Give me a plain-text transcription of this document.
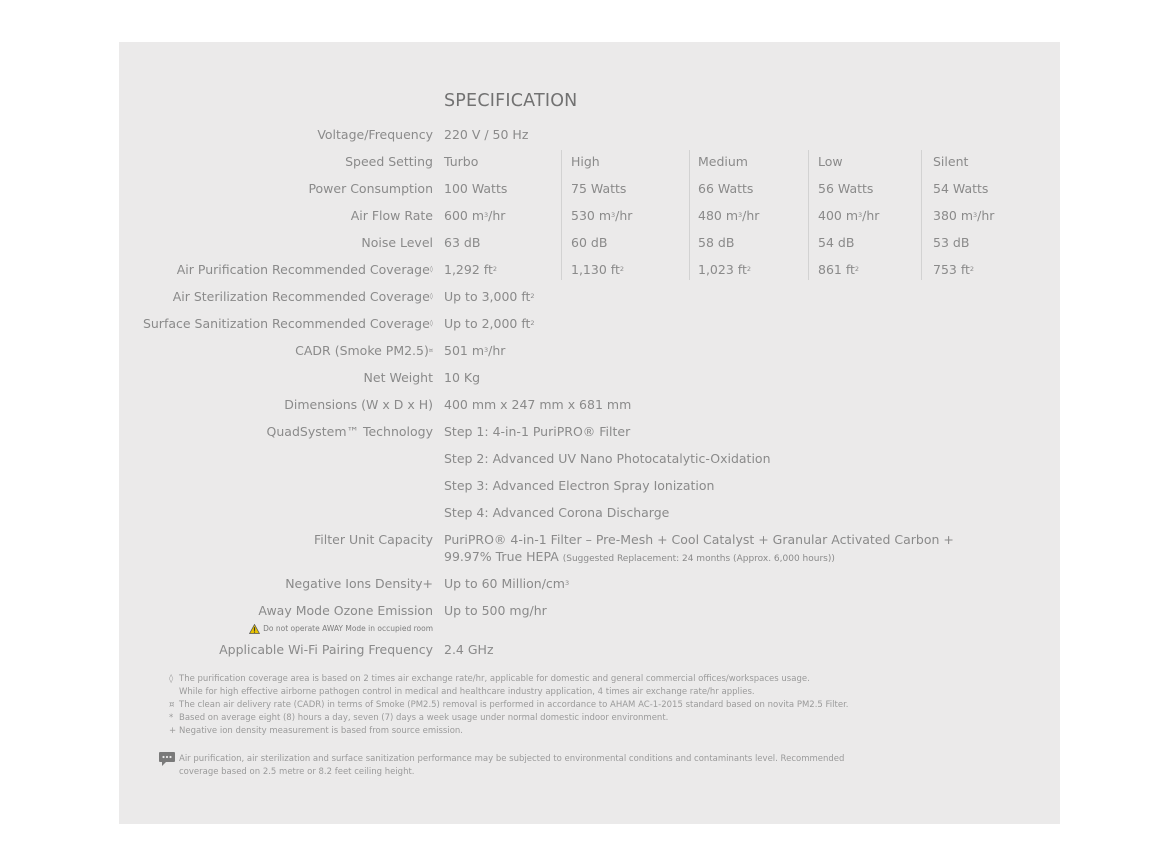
SPECIFICATION
Voltage/Frequency 220 V / 50 Hz
Speed Setting Turbo	High	Medium	Low	Silent
Power Consumption 100 Watts	75 Watts	66 Watts	56 Watts	54 Watts
Air Flow Rate 600 $m^3/hr$	530 $m^3/hr$	480 $m^3/hr$	400 $m^3/hr$	380 $m^3/hr$
Noise Level 63 dB	60 dB	58 dB	54 dB	53 dB
Air Purification Recommended Coverage◊ 1,292 $ft^2$	1,130 $ft^2$	1,023 $ft^2$	861 $ft^2$	753 $ft^2$
Air Sterilization Recommended Coverage◊ Up to 3,000 $ft^2$
Surface Sanitization Recommended Coverage◊ Up to 2,000 $ft^2$
CADR (Smoke PM2.5)¤ 501 $m^3/hr$
Net Weight 10 Kg
Dimensions (W x D x H) 400 mm x 247 mm x 681 mm
QuadSystem™ Technology Step 1: 4-in-1 PuriPRO® Filter
Step 2: Advanced UV Nano Photocatalytic-Oxidation
Step 3: Advanced Electron Spray Ionization
Step 4: Advanced Corona Discharge
Filter Unit Capacity PuriPRO® 4-in-1 Filter – Pre-Mesh + Cool Catalyst + Granular Activated Carbon +
99.97% True HEPA (Suggested Replacement: 24 months (Approx. 6,000 hours))
Negative Ions Density+ Up to 60 Million/$cm^3$
Away Mode Ozone Emission Up to 500 mg/hr
Do not operate AWAY Mode in occupied room
Applicable Wi-Fi Pairing Frequency 2.4 GHz
◊ The purification coverage area is based on 2 times air exchange rate/hr, applicable for domestic and general commercial offices/workspaces usage.
While for high effective airborne pathogen control in medical and healthcare industry application, 4 times air exchange rate/hr applies.
¤ The clean air delivery rate (CADR) in terms of Smoke (PM2.5) removal is performed in accordance to AHAM AC-1-2015 standard based on novita PM2.5 Filter.
* Based on average eight (8) hours a day, seven (7) days a week usage under normal domestic indoor environment.
+ Negative ion density measurement is based from source emission.
Air purification, air sterilization and surface sanitization performance may be subjected to environmental conditions and contaminants level. Recommended
coverage based on 2.5 metre or 8.2 feet ceiling height.
